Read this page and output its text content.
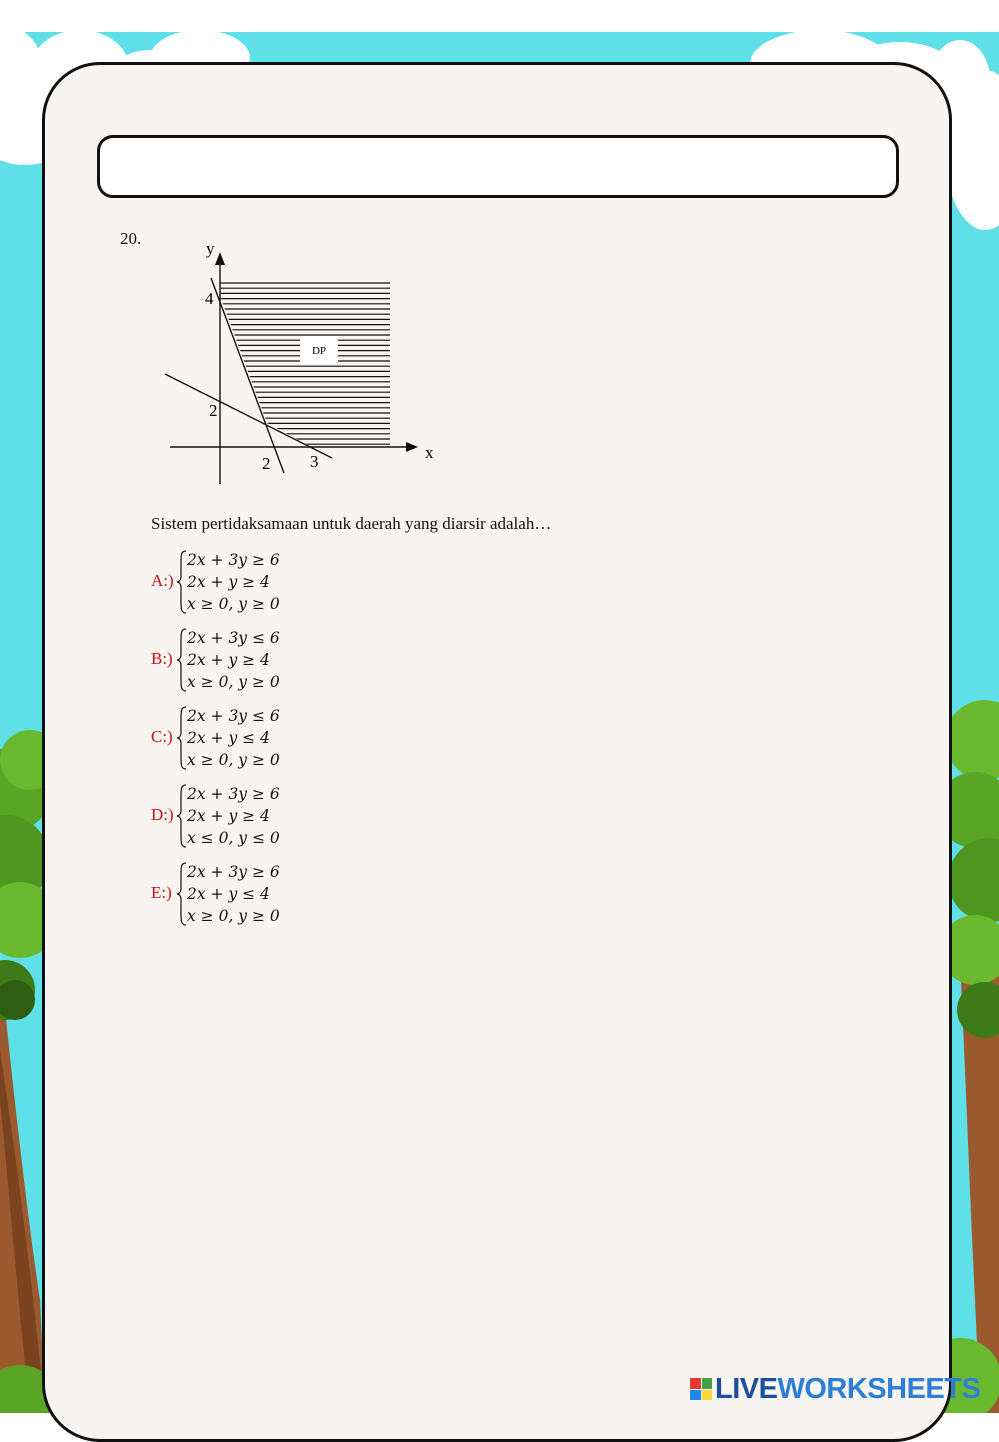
20.
DP
y
x
4
2
2 3
Sistem pertidaksamaan untuk daerah yang diarsir adalah…
A:)
2x + 3y ≥ 6
2x + y ≥ 4
x ≥ 0, y ≥ 0
B:)
2x + 3y ≤ 6
2x + y ≥ 4
x ≥ 0, y ≥ 0
C:)
2x + 3y ≤ 6
2x + y ≤ 4
x ≥ 0, y ≥ 0
D:)
2x + 3y ≥ 6
2x + y ≥ 4
x ≤ 0, y ≤ 0
E:)
2x + 3y ≥ 6
2x + y ≤ 4
x ≥ 0, y ≥ 0
LIVE WORKSHEETS
